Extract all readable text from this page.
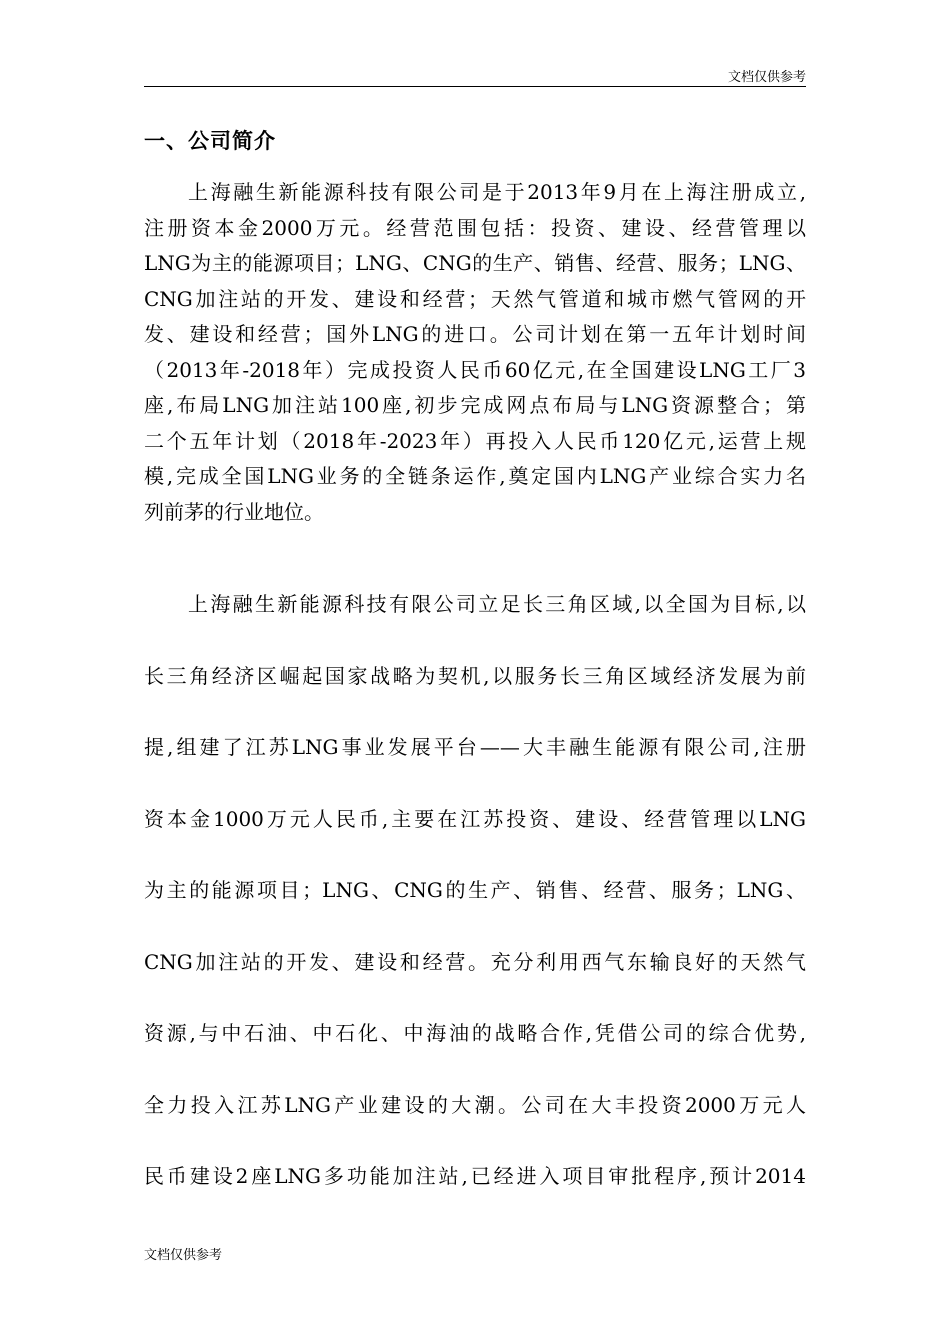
文档仅供参考
一、公司简介

上海融生新能源科技有限公司是于2013年9月在上海注册成立,
注册资本金2000万元。经营范围包括：投资、建设、经营管理以
LNG为主的能源项目；LNG、CNG的生产、销售、经营、服务；LNG、
CNG加注站的开发、建设和经营；天然气管道和城市燃气管网的开
发、建设和经营；国外LNG的进口。公司计划在第一五年计划时间
（2013年-2018年）完成投资人民币60亿元,在全国建设LNG工厂3
座,布局LNG加注站100座,初步完成网点布局与LNG资源整合；第
二个五年计划（2018年-2023年）再投入人民币120亿元,运营上规
模,完成全国LNG业务的全链条运作,奠定国内LNG产业综合实力名
列前茅的行业地位。

上海融生新能源科技有限公司立足长三角区域,以全国为目标,以
长三角经济区崛起国家战略为契机,以服务长三角区域经济发展为前
提,组建了江苏LNG事业发展平台——大丰融生能源有限公司,注册
资本金1000万元人民币,主要在江苏投资、建设、经营管理以LNG
为主的能源项目；LNG、CNG的生产、销售、经营、服务；LNG、
CNG加注站的开发、建设和经营。充分利用西气东输良好的天然气
资源,与中石油、中石化、中海油的战略合作,凭借公司的综合优势,
全力投入江苏LNG产业建设的大潮。公司在大丰投资2000万元人
民币建设2座LNG多功能加注站,已经进入项目审批程序,预计2014

文档仅供参考
